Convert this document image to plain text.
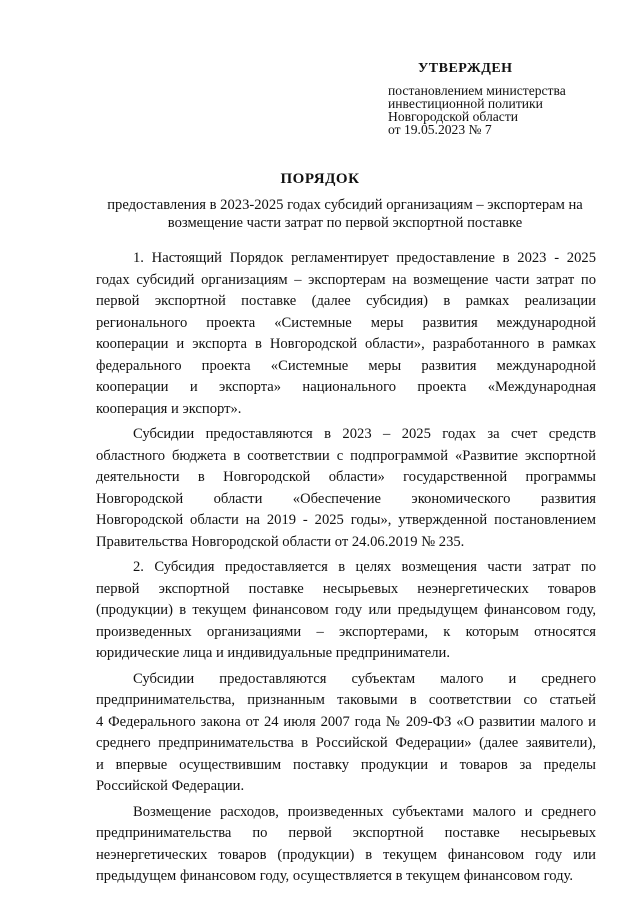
УТВЕРЖДЕН
постановлением министерства
инвестиционной политики
Новгородской области
от 19.05.2023 № 7
ПОРЯДОК
предоставления в 2023-2025 годах субсидий организациям – экспортерам на
возмещение части затрат по первой экспортной поставке
1. Настоящий Порядок регламентирует предоставление в 2023 - 2025
годах субсидий организациям – экспортерам на возмещение части затрат по
первой экспортной поставке (далее субсидия) в рамках реализации
регионального проекта «Системные меры развития международной
кооперации и экспорта в Новгородской области», разработанного в рамках
федерального проекта «Системные меры развития международной
кооперации и экспорта» национального проекта «Международная
кооперация и экспорт».
Субсидии предоставляются в 2023 – 2025 годах за счет средств
областного бюджета в соответствии с подпрограммой «Развитие экспортной
деятельности в Новгородской области» государственной программы
Новгородской области «Обеспечение экономического развития
Новгородской области на 2019 - 2025 годы», утвержденной постановлением
Правительства Новгородской области от 24.06.2019 № 235.
2. Субсидия предоставляется в целях возмещения части затрат по
первой экспортной поставке несырьевых неэнергетических товаров
(продукции) в текущем финансовом году или предыдущем финансовом году,
произведенных организациями – экспортерами, к которым относятся
юридические лица и индивидуальные предприниматели.
Субсидии предоставляются субъектам малого и среднего
предпринимательства, признанным таковыми в соответствии со статьей
4 Федерального закона от 24 июля 2007 года № 209-ФЗ «О развитии малого и
среднего предпринимательства в Российской Федерации» (далее заявители),
и впервые осуществившим поставку продукции и товаров за пределы
Российской Федерации.
Возмещение расходов, произведенных субъектами малого и среднего
предпринимательства по первой экспортной поставке несырьевых
неэнергетических товаров (продукции) в текущем финансовом году или
предыдущем финансовом году, осуществляется в текущем финансовом году.
